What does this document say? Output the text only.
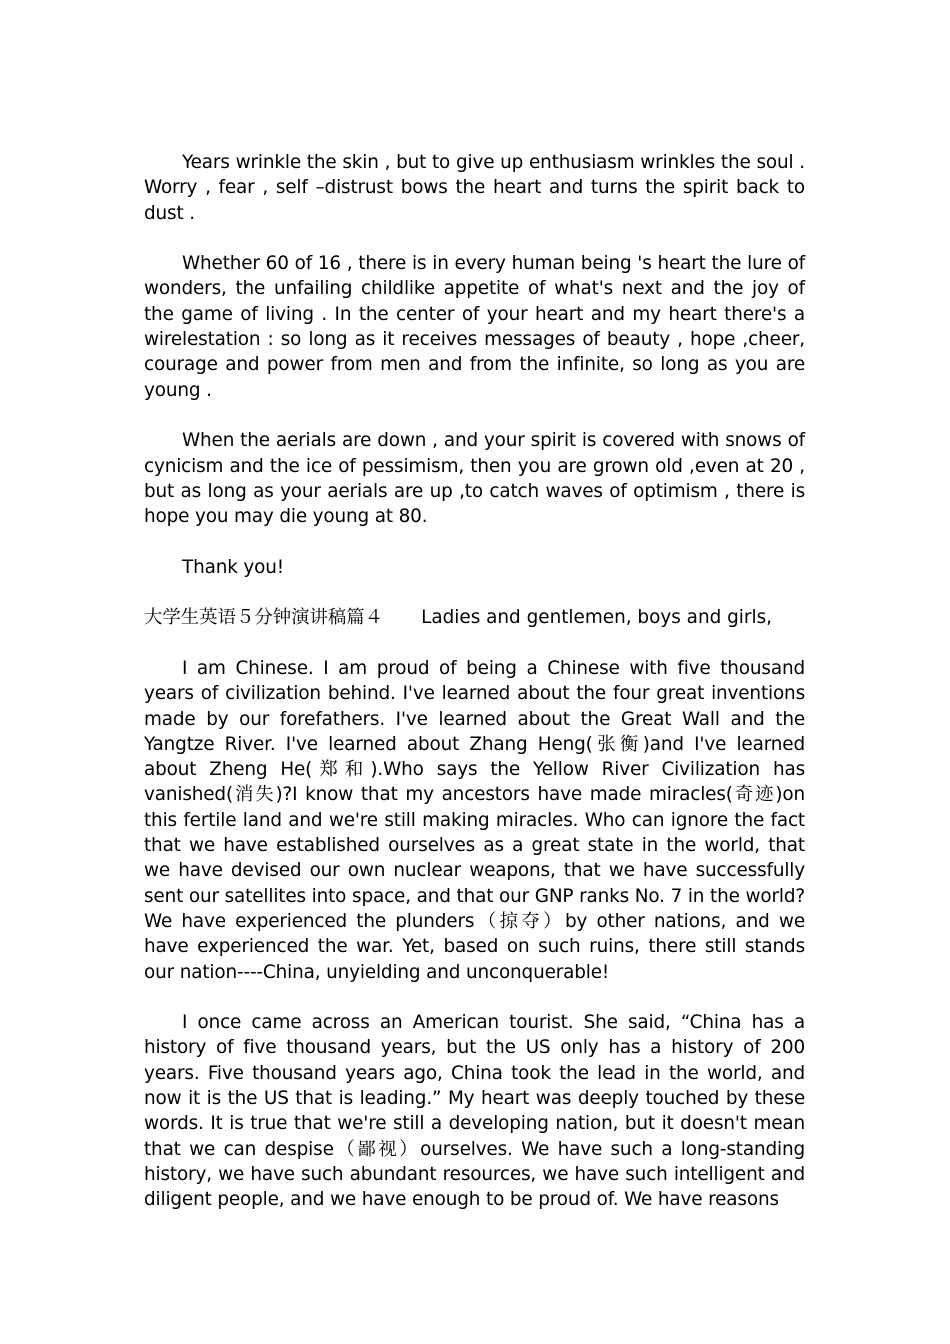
Years wrinkle the skin , but to give up enthusiasm wrinkles the soul . Worry , fear , self –distrust bows the heart and turns the spirit back to dust .

Whether 60 of 16 , there is in every human being 's heart the lure of wonders, the unfailing childlike appetite of what's next and the joy of the game of living . In the center of your heart and my heart there's a wirelestation : so long as it receives messages of beauty , hope ,cheer, courage and power from men and from the infinite, so long as you are young .

When the aerials are down , and your spirit is covered with snows of cynicism and the ice of pessimism, then you are grown old ,even at 20 , but as long as your aerials are up ,to catch waves of optimism , there is hope you may die young at 80.

Thank you!

大学生英语５分钟演讲稿篇４ Ladies and gentlemen, boys and girls,

I am Chinese. I am proud of being a Chinese with five thousand years of civilization behind. I've learned about the four great inventions made by our forefathers. I've learned about the Great Wall and the Yangtze River. I've learned about Zhang Heng(张衡)and I've learned about Zheng He(郑和).Who says the Yellow River Civilization has vanished(消失)?I know that my ancestors have made miracles(奇迹)on this fertile land and we're still making miracles. Who can ignore the fact that we have established ourselves as a great state in the world, that we have devised our own nuclear weapons, that we have successfully sent our satellites into space, and that our GNP ranks No. 7 in the world? We have experienced the plunders（掠夺）by other nations, and we have experienced the war. Yet, based on such ruins, there still stands our nation----China, unyielding and unconquerable!

I once came across an American tourist. She said, “China has a history of five thousand years, but the US only has a history of 200 years. Five thousand years ago, China took the lead in the world, and now it is the US that is leading.” My heart was deeply touched by these words. It is true that we're still a developing nation, but it doesn't mean that we can despise（鄙视）ourselves. We have such a long-standing history, we have such abundant resources, we have such intelligent and diligent people, and we have enough to be proud of. We have reasons
